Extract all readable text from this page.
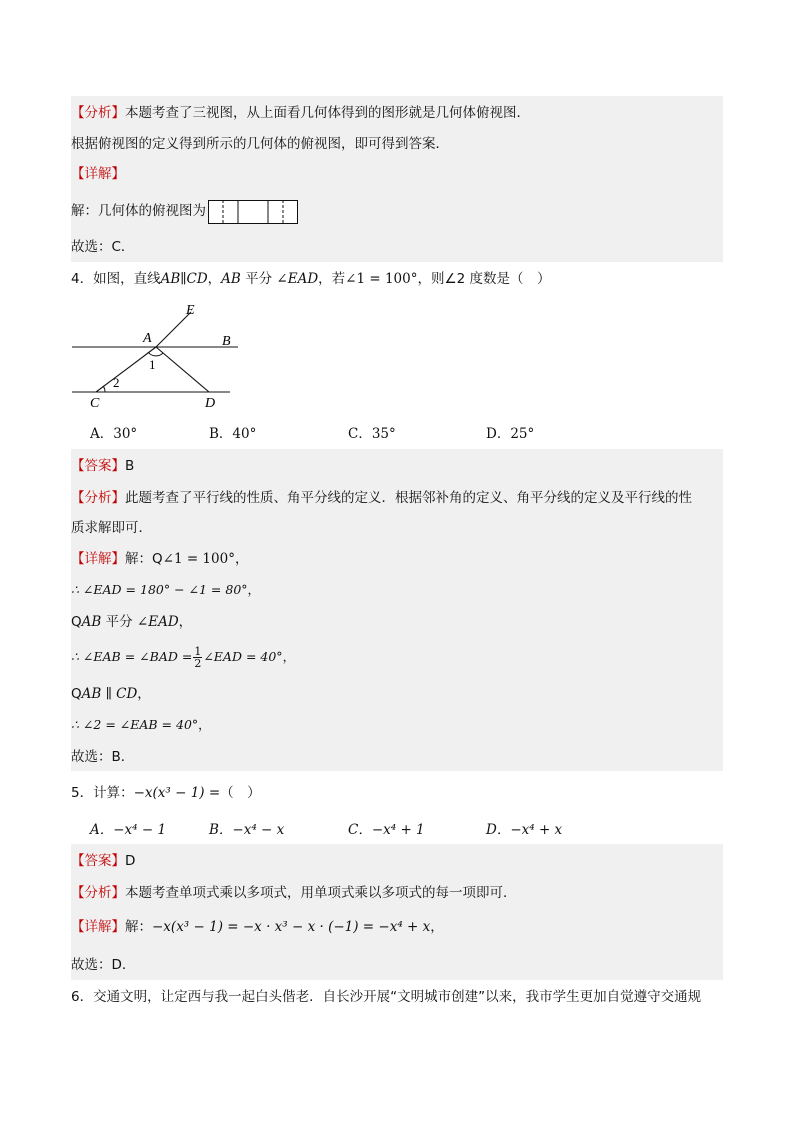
【分析】本题考查了三视图，从上面看几何体得到的图形就是几何体俯视图．
根据俯视图的定义得到所示的几何体的俯视图，即可得到答案．
【详解】
解：几何体的俯视图为
故选：C．
4．如图，直线AB∥CD，AB 平分 ∠EAD，若∠1 = 100°，则∠2 度数是（　）
E
A	B
1
2
C	D
A．30°	B．40°	C．35°	D．25°
【答案】B
【分析】此题考查了平行线的性质、角平分线的定义．根据邻补角的定义、角平分线的定义及平行线的性
质求解即可．
【详解】解：Q∠1 = 100°，
∴ ∠EAD = 180° − ∠1 = 80°，
QAB 平分 ∠EAD，
∴ ∠EAB = ∠BAD = $\frac{1}{2}$ ∠EAD = 40°，
QAB ∥ CD，
∴ ∠2 = ∠EAB = 40°，
故选：B．
5．计算：−x(x³ − 1) =（　）
A．−x⁴ − 1	B．−x⁴ − x	C．−x⁴ + 1	D．−x⁴ + x
【答案】D
【分析】本题考查单项式乘以多项式，用单项式乘以多项式的每一项即可．
【详解】解：−x(x³ − 1) = −x · x³ − x · (−1) = −x⁴ + x，
故选：D．
6．交通文明，让定西与我一起白头偕老．自长沙开展“文明城市创建”以来，我市学生更加自觉遵守交通规
